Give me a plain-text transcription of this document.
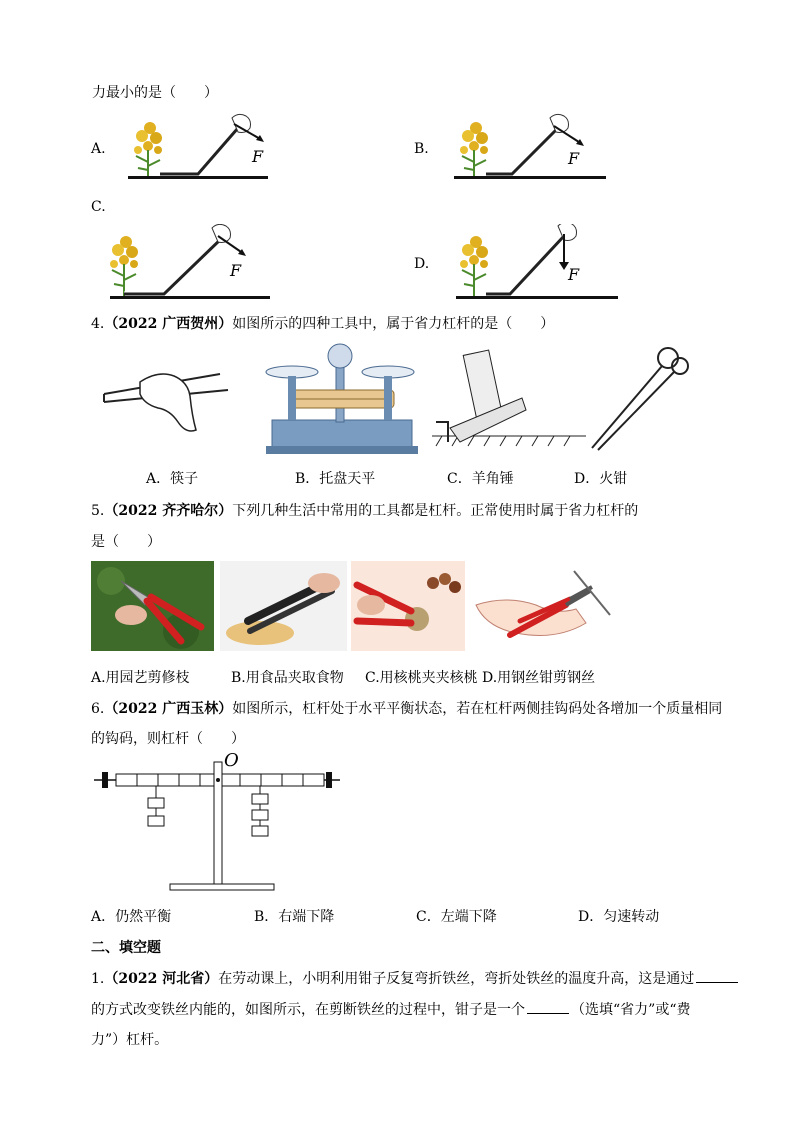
力最小的是（　　）
A.	F	B.	F
C.
F	D.
F
4.（2022 广西贺州）如图所示的四种工具中，属于省力杠杆的是（　　）
A．筷子	B．托盘天平	C．羊角锤	D．火钳
5.（2022 齐齐哈尔）下列几种生活中常用的工具都是杠杆。正常使用时属于省力杠杆的
是（　　）
A.用园艺剪修枝	B.用食品夹取食物 C.用核桃夹夹核桃 D.用钢丝钳剪钢丝
6.（2022 广西玉林）如图所示，杠杆处于水平平衡状态，若在杠杆两侧挂钩码处各增加一个质量相同
的钩码，则杠杆（　　）
O
A．仍然平衡	B．右端下降	C．左端下降	D．匀速转动
二、填空题
1.（2022 河北省）在劳动课上，小明利用钳子反复弯折铁丝，弯折处铁丝的温度升高，这是通过
的方式改变铁丝内能的，如图所示，在剪断铁丝的过程中，钳子是一个	（选填“省力”或“费
力”）杠杆。
